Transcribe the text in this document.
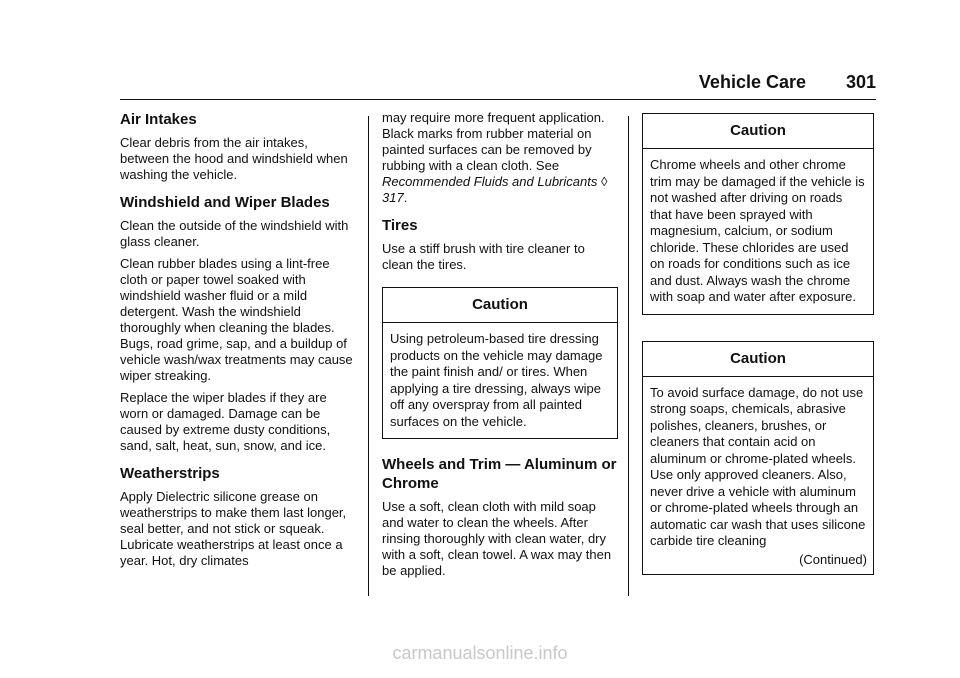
Vehicle Care 301
Air Intakes

Clear debris from the air intakes, between the hood and windshield when washing the vehicle.

Windshield and Wiper Blades

Clean the outside of the windshield with glass cleaner.

Clean rubber blades using a lint-free cloth or paper towel soaked with windshield washer fluid or a mild detergent. Wash the windshield thoroughly when cleaning the blades. Bugs, road grime, sap, and a buildup of vehicle wash/wax treatments may cause wiper streaking.

Replace the wiper blades if they are worn or damaged. Damage can be caused by extreme dusty conditions, sand, salt, heat, sun, snow, and ice.

Weatherstrips

Apply Dielectric silicone grease on weatherstrips to make them last longer, seal better, and not stick or squeak. Lubricate weatherstrips at least once a year. Hot, dry climates

may require more frequent application. Black marks from rubber material on painted surfaces can be removed by rubbing with a clean cloth. See Recommended Fluids and Lubricants ◊ 317.

Tires

Use a stiff brush with tire cleaner to clean the tires.

Caution
Using petroleum-based tire dressing products on the vehicle may damage the paint finish and/ or tires. When applying a tire dressing, always wipe off any overspray from all painted surfaces on the vehicle.
Wheels and Trim — Aluminum or Chrome

Use a soft, clean cloth with mild soap and water to clean the wheels. After rinsing thoroughly with clean water, dry with a soft, clean towel. A wax may then be applied.

Caution
Chrome wheels and other chrome trim may be damaged if the vehicle is not washed after driving on roads that have been sprayed with magnesium, calcium, or sodium chloride. These chlorides are used on roads for conditions such as ice and dust. Always wash the chrome with soap and water after exposure.
Caution
To avoid surface damage, do not use strong soaps, chemicals, abrasive polishes, cleaners, brushes, or cleaners that contain acid on aluminum or chrome-plated wheels. Use only approved cleaners. Also, never drive a vehicle with aluminum or chrome-plated wheels through an automatic car wash that uses silicone carbide tire cleaning
(Continued)
carmanualsonline.info
